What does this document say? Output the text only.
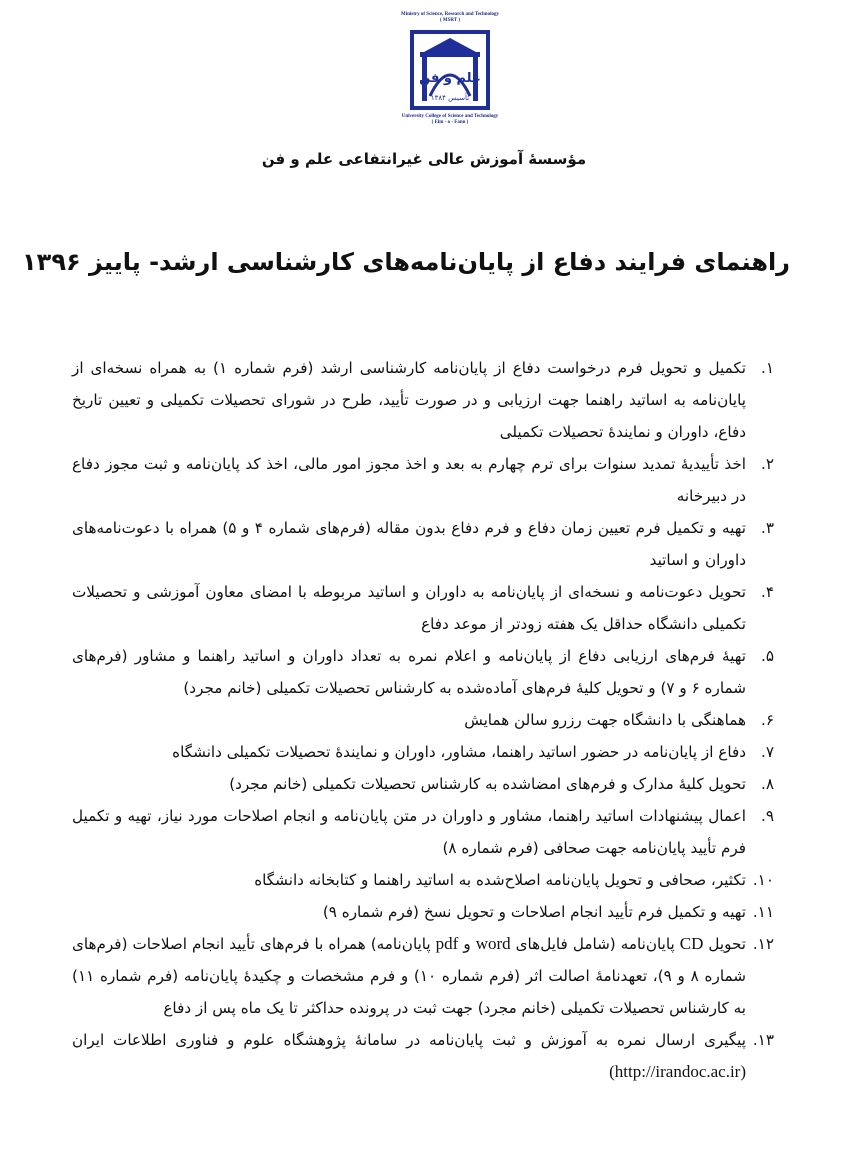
Ministry of Science, Research and Technology
( MSRT )
علم و فن
تأسیس ۱۳۸۴
University College of Science and Technology
( Elm - o - Fann )
مؤسسهٔ آموزش عالی غیرانتفاعی علم و فن
راهنمای فرایند دفاع از پایان‌نامه‌های کارشناسی ارشد- پاییز ۱۳۹۶
۱.
تکمیل و تحویل فرم درخواست دفاع از پایان‌نامه کارشناسی ارشد (فرم شماره ۱) به همراه نسخه‌ای از پایان‌نامه به اساتید راهنما جهت ارزیابی و در صورت تأیید، طرح در شورای تحصیلات تکمیلی و تعیین تاریخ دفاع، داوران و نمایندهٔ تحصیلات تکمیلی
۲.
اخذ تأییدیهٔ تمدید سنوات برای ترم چهارم به بعد و اخذ مجوز امور مالی، اخذ کد پایان‌نامه و ثبت مجوز دفاع در دبیرخانه
۳.
تهیه و تکمیل فرم تعیین زمان دفاع و فرم دفاع بدون مقاله (فرم‌های شماره ۴ و ۵) همراه با دعوت‌نامه‌های داوران و اساتید
۴.
تحویل دعوت‌نامه و نسخه‌ای از پایان‌نامه به داوران و اساتید مربوطه با امضای معاون آموزشی و تحصیلات تکمیلی دانشگاه حداقل یک هفته زودتر از موعد دفاع
۵.
تهیهٔ فرم‌های ارزیابی دفاع از پایان‌نامه و اعلام نمره به تعداد داوران و اساتید راهنما و مشاور (فرم‌های شماره ۶ و ۷) و تحویل کلیهٔ فرم‌های آماده‌شده به کارشناس تحصیلات تکمیلی (خانم مجرد)
۶.
هماهنگی با دانشگاه جهت رزرو سالن همایش
۷.
دفاع از پایان‌نامه در حضور اساتید راهنما، مشاور، داوران و نمایندهٔ تحصیلات تکمیلی دانشگاه
۸.
تحویل کلیهٔ مدارک و فرم‌های امضاشده به کارشناس تحصیلات تکمیلی (خانم مجرد)
۹.
اعمال پیشنهادات اساتید راهنما، مشاور و داوران در متن پایان‌نامه و انجام اصلاحات مورد نیاز، تهیه و تکمیل فرم تأیید پایان‌نامه جهت صحافی (فرم شماره ۸)
۱۰.
تکثیر، صحافی و تحویل پایان‌نامه اصلاح‌شده به اساتید راهنما و کتابخانه دانشگاه
۱۱.
تهیه و تکمیل فرم تأیید انجام اصلاحات و تحویل نسخ (فرم شماره ۹)
۱۲.
تحویل CD پایان‌نامه (شامل فایل‌های word و pdf پایان‌نامه) همراه با فرم‌های تأیید انجام اصلاحات (فرم‌های شماره ۸ و ۹)، تعهدنامهٔ اصالت اثر (فرم شماره ۱۰) و فرم مشخصات و چکیدهٔ پایان‌نامه (فرم شماره ۱۱) به کارشناس تحصیلات تکمیلی (خانم مجرد) جهت ثبت در پرونده حداکثر تا یک ماه پس از دفاع
۱۳.
پیگیری ارسال نمره به آموزش و ثبت پایان‌نامه در سامانهٔ پژوهشگاه علوم و فناوری اطلاعات ایران (http://irandoc.ac.ir)
